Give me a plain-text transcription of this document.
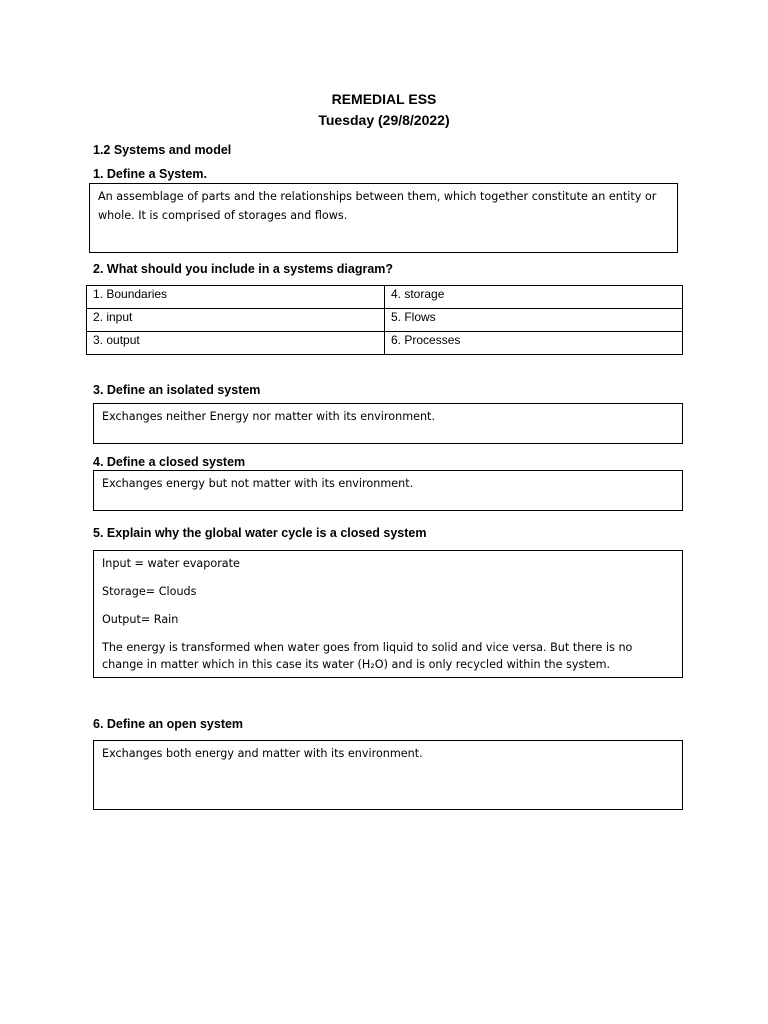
REMEDIAL ESS
Tuesday (29/8/2022)
1.2 Systems and model
1. Define a System.

An assemblage of parts and the relationships between them, which together constitute an entity or whole. It is comprised of storages and flows.

2. What should you include in a systems diagram?
1. Boundaries	4. storage
2. input	5. Flows
3. output	6. Processes
3. Define an isolated system

Exchanges neither Energy nor matter with its environment.

4. Define a closed system

Exchanges energy but not matter with its environment.

5. Explain why the global water cycle is a closed system

Input = water evaporate

Storage= Clouds

Output= Rain

The energy is transformed when water goes from liquid to solid and vice versa. But there is no change in matter which in this case its water (H₂O) and is only recycled within the system.

6. Define an open system

Exchanges both energy and matter with its environment.
